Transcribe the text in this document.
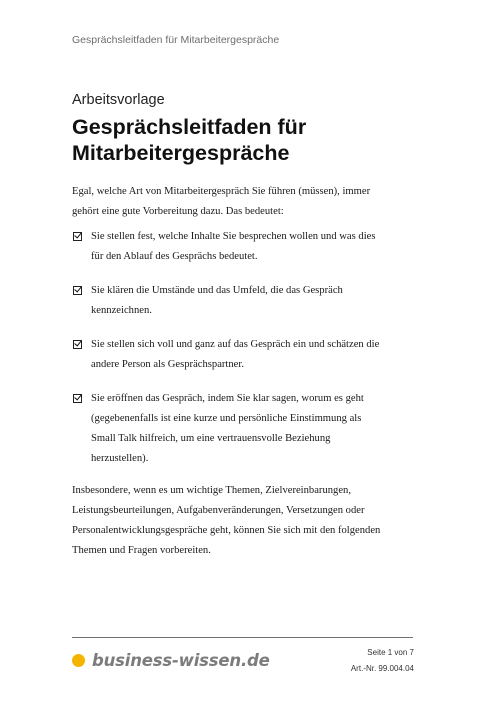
Gesprächsleitfaden für Mitarbeitergespräche
Arbeitsvorlage
Gesprächsleitfaden für Mitarbeitergespräche

Egal, welche Art von Mitarbeitergespräch Sie führen (müssen), immer gehört eine gute Vorbereitung dazu. Das bedeutet:

Sie stellen fest, welche Inhalte Sie besprechen wollen und was dies für den Ablauf des Gesprächs bedeutet.
Sie klären die Umstände und das Umfeld, die das Gespräch kennzeichnen.
Sie stellen sich voll und ganz auf das Gespräch ein und schätzen die andere Person als Gesprächspartner.
Sie eröffnen das Gespräch, indem Sie klar sagen, worum es geht (gegebenenfalls ist eine kurze und persönliche Einstimmung als Small Talk hilfreich, um eine vertrauensvolle Beziehung herzustellen).

Insbesondere, wenn es um wichtige Themen, Zielvereinbarungen, Leistungsbeurteilungen, Aufgabenveränderungen, Versetzungen oder Personalentwicklungsgespräche geht, können Sie sich mit den folgenden Themen und Fragen vorbereiten.

business-wissen.de	Seite 1 von 7
Art.-Nr. 99.004.04
